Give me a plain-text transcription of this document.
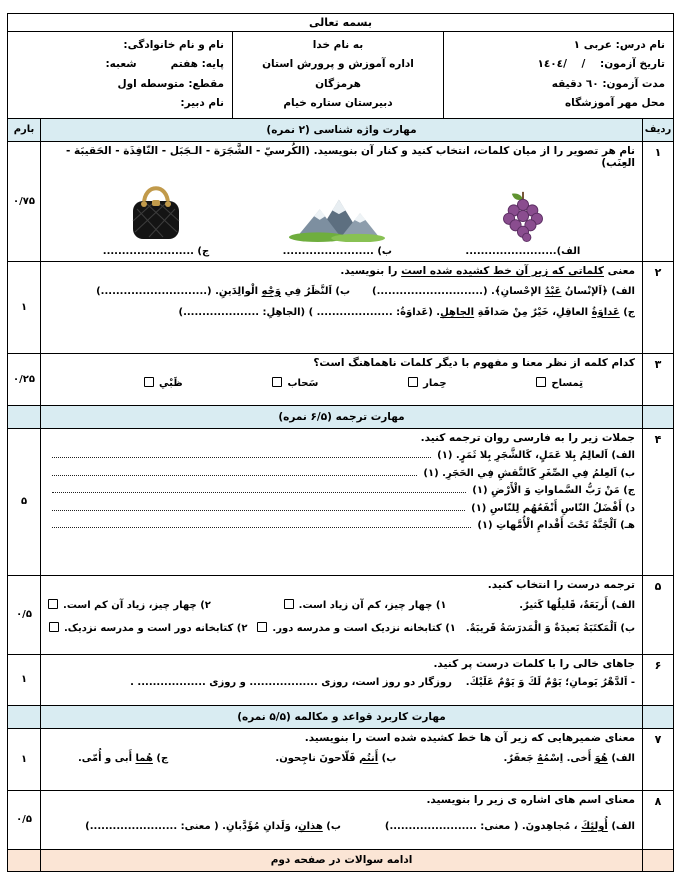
بسمه تعالی
نام درس: عربی ۱
تاریخ آزمون:    /    /١٤٠٤
مدت آزمون: ٦٠ دقیقه
محل مهر آموزشگاه
به نام خدا
اداره آموزش و پرورش استان هرمزگان
دبیرستان ستاره خیام
نام و نام خانوادگی:
پایه: هفتم
شعبه:
مقطع: متوسطه اول
نام دبیر:
ردیف
مهارت واژه شناسی (۲ نمره)
بارم
۱
نام هر تصویر را از میان کلمات، انتخاب کنید و کنار آن بنویسید. (الکُرسيّ - الشَّجَرَة - الـجَبَل - النّافِذَة - الحَقیبَة - العِنَب)
الف)........................
ب) ........................
ج) ........................
۰/۷۵
۲
معنی کلماتی که زیر آن خط کشیده شده است را بنویسید.
الف) ﴿اَلإنْسانُ عَبْدُ الإحْسانِ﴾. (............................)
ب) اَلنَّظَرُ فِي وَجْهِ الْوالِدَینِ. (............................)
ج) عَداوَةُ العاقِلِ، خَیْرٌ مِنْ صَداقَةِ الجاهِلِ. (عَداوَةُ: .................... ) (الجاهِلِ: ....................)
۱
۳
کدام کلمه از نظر معنا و مفهوم با دیگر کلمات ناهماهنگ است؟
تِمساح
حِمار
سَحاب
ظَبْي
۰/۲۵
مهارت ترجمه (۶/۵ نمره)
۴
جملات زیر را به فارسی روان ترجمه کنید.
الف) اَلعالِمُ بِلا عَمَلٍ، كَالشَّجَرِ بِلا ثَمَرٍ. (۱)
ب) اَلعِلمُ فِي الصِّغَرِ كَالنَّقشِ فِي الحَجَرِ. (۱)
ج) مَنْ رَبُّ السَّماواتِ وَ الْأَرْضِ (۱)
د) أَفْضَلُ النّاسِ أَنْفَعُهُم لِلنّاسِ (۱)
هـ) اَلْجَنَّةُ تَحْتَ أَقْدامِ الْأُمَّهاتِ (۱)
۵
۵
ترجمه درست را انتخاب کنید.
الف) أَربَعَةٌ، قَلیلُها كَثیرٌ.
۱) چهار چیز، کم آن زیاد است.
۲) چهار چیز، زیاد آن کم است.
ب) اَلْمَكتَبَةُ بَعیدَةٌ وَ الْمَدرَسَةُ قَریبَةٌ.
۱) کتابخانه نزدیک است و مدرسه دور.
۲) کتابخانه دور است و مدرسه نزدیک.
۰/۵
۶
جاهای خالی را با کلمات درست پر کنید.
- اَلدَّهْرُ یَومانِ؛ یَوْمٌ لَكَ وَ یَوْمٌ عَلَیْكَ.    روزگار دو روز است، روزی .................. و روزی .................. .
۱
مهارت کاربرد قواعد و مکالمه (۵/۵ نمره)
۷
معنای ضمیرهایی که زیر آن ها خط کشیده شده است را بنویسید.
الف) هُوَ أَخی. اِسْمُهُ جَعفَرٌ.
ب) أَنتُم فَلّاحونَ ناجِحون.
ج) هُما أَبی و أُمّی.
۱
۸
معنای اسم های اشاره ی زیر را بنویسید.
الف) أُولئِكَ ، مُجاهِدونَ. ( معنی: .......................)
ب) هذانِ، وَلَدانِ مُؤَدَّبانِ. ( معنی: .......................)
۰/۵
ادامه سوالات در صفحه دوم
